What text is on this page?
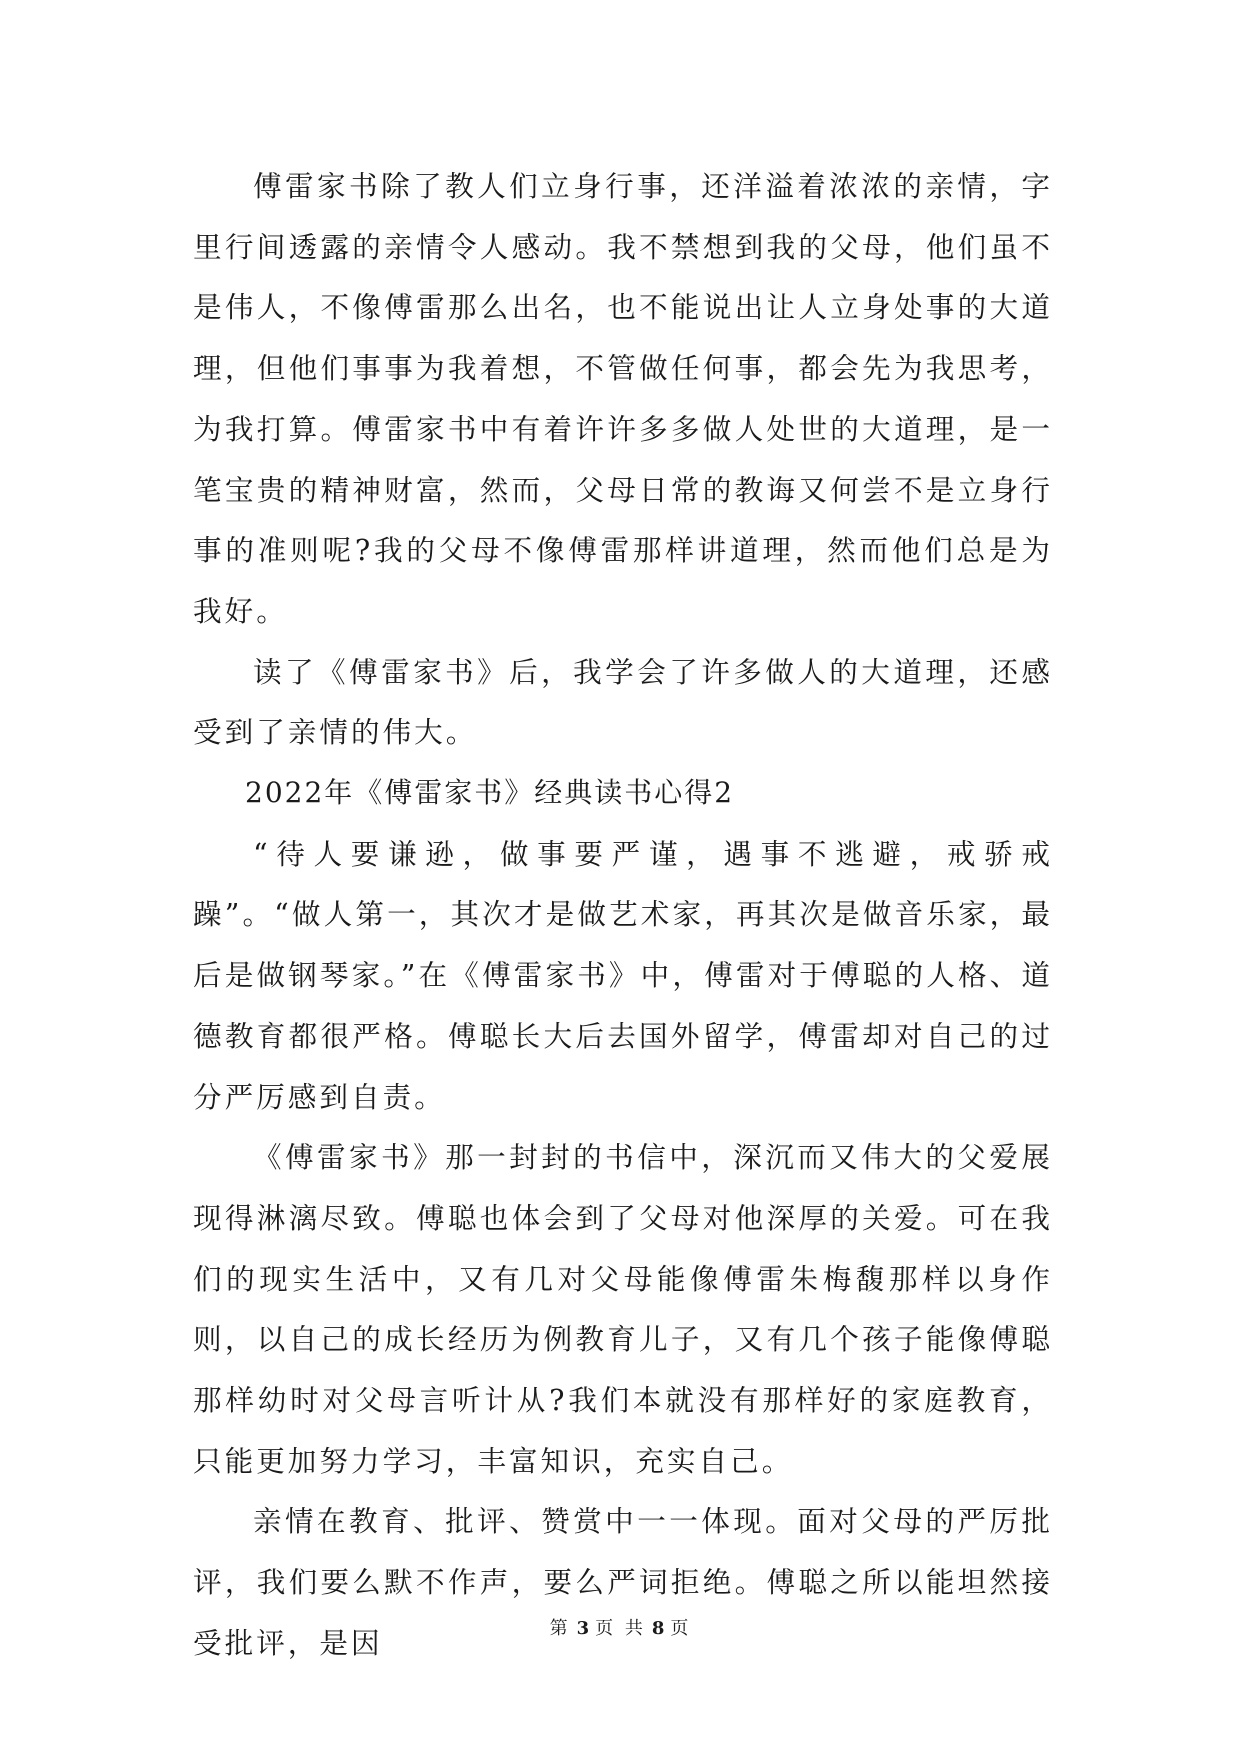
傅雷家书除了教人们立身行事，还洋溢着浓浓的亲情，字里行间透露的亲情令人感动。我不禁想到我的父母，他们虽不是伟人，不像傅雷那么出名，也不能说出让人立身处事的大道理，但他们事事为我着想，不管做任何事，都会先为我思考，为我打算。傅雷家书中有着许许多多做人处世的大道理，是一笔宝贵的精神财富，然而，父母日常的教诲又何尝不是立身行事的准则呢?我的父母不像傅雷那样讲道理，然而他们总是为我好。

读了《傅雷家书》后，我学会了许多做人的大道理，还感受到了亲情的伟大。

2022年《傅雷家书》经典读书心得2

“待人要谦逊，做事要严谨，遇事不逃避，戒骄戒躁”。“做人第一，其次才是做艺术家，再其次是做音乐家，最后是做钢琴家。”在《傅雷家书》中，傅雷对于傅聪的人格、道德教育都很严格。傅聪长大后去国外留学，傅雷却对自己的过分严厉感到自责。

《傅雷家书》那一封封的书信中，深沉而又伟大的父爱展现得淋漓尽致。傅聪也体会到了父母对他深厚的关爱。可在我们的现实生活中，又有几对父母能像傅雷朱梅馥那样以身作则，以自己的成长经历为例教育儿子，又有几个孩子能像傅聪那样幼时对父母言听计从?我们本就没有那样好的家庭教育，只能更加努力学习，丰富知识，充实自己。

亲情在教育、批评、赞赏中一一体现。面对父母的严厉批评，我们要么默不作声，要么严词拒绝。傅聪之所以能坦然接受批评，是因	第 3 页 共 8 页
